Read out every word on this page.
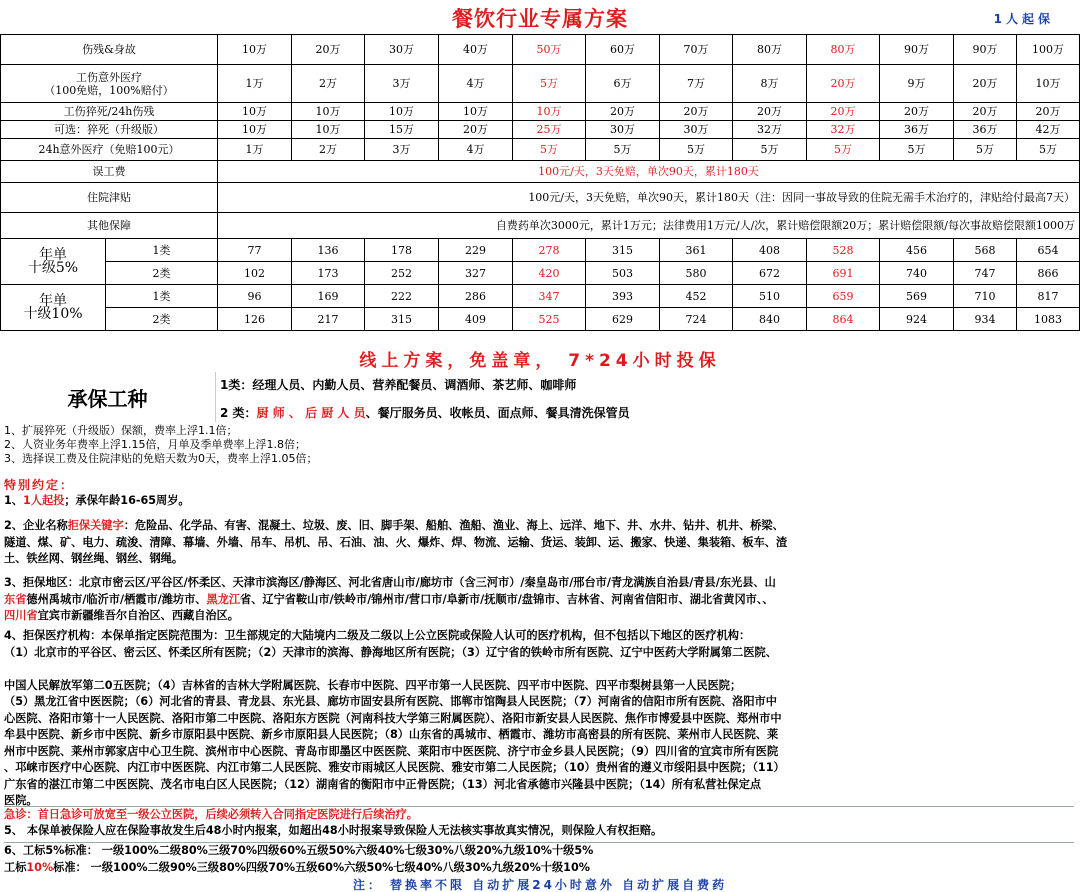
餐饮行业专属方案	1人起保
伤残&身故		10万	20万	30万	40万	50万	60万	70万	80万	80万	90万	90万	100万

工伤意外医疗
（100免赔，100%赔付）		1万	2万	3万	4万	5万	6万	7万	8万	20万	9万	20万	10万
工伤猝死/24h伤残		10万	10万	10万	10万	10万	20万	20万	20万	20万	20万	20万	20万
可选：猝死（升级版）		10万	10万	15万	20万	25万	30万	30万	32万	32万	36万	36万	42万
24h意外医疗（免赔100元）		1万	2万	3万	4万	5万	5万	5万	5万	5万	5万	5万	5万
误工费		100元/天，3天免赔，单次90天，累计180天											
住院津贴		100元/天，3天免赔，单次90天，累计180天（注：因同一事故导致的住院无需手术治疗的，津贴给付最高7天）											
其他保障		自费药单次3000元，累计1万元；法律费用1万元/人/次，累计赔偿限额20万；累计赔偿限额/每次事故赔偿限额1000万											

年单
十级5%	1类	77	136	178	229	278	315	361	408	528	456	568	654
	2类	102	173	252	327	420	503	580	672	691	740	747	866

年单
十级10%	1类	96	169	222	286	347	393	452	510	659	569	710	817
	2类	126	217	315	409	525	629	724	840	864	924	934	1083
线上方案，免盖章， 7*24小时投保
承保工种
1类：经理人员、内勤人员、营养配餐员、调酒师、茶艺师、咖啡师
2 类：厨 师 、 后 厨 人 员、餐厅服务员、收帐员、面点师、餐具清洗保管员
1、扩展猝死（升级版）保额，费率上浮1.1倍；
2、人资业务年费率上浮1.15倍，月单及季单费率上浮1.8倍；
3、选择误工费及住院津贴的免赔天数为0天，费率上浮1.05倍；
特别约定：
1、1人起投；承保年龄16-65周岁。
2、企业名称拒保关键字：危险品、化学品、有害、混凝土、垃圾、废、旧、脚手架、船舶、渔船、渔业、海上、远洋、地下、井、水井、钻井、机井、桥梁、
隧道、煤、矿、电力、疏浚、清障、幕墙、外墙、吊车、吊机、吊、石油、油、火、爆炸、焊、物流、运输、货运、装卸、运、搬家、快递、集装箱、板车、渣
土、铁丝网、钢丝绳、钢丝、钢绳。
3、拒保地区：北京市密云区/平谷区/怀柔区、天津市滨海区/静海区、河北省唐山市/廊坊市（含三河市）/秦皇岛市/邢台市/青龙满族自治县/青县/东光县、山
东省德州禹城市/临沂市/栖霞市/潍坊市、黑龙江省、辽宁省鞍山市/铁岭市/锦州市/营口市/阜新市/抚顺市/盘锦市、吉林省、河南省信阳市、湖北省黄冈市、、
四川省宜宾市新疆维吾尔自治区、西藏自治区。
4、拒保医疗机构：本保单指定医院范围为：卫生部规定的大陆境内二级及二级以上公立医院或保险人认可的医疗机构，但不包括以下地区的医疗机构：
（1）北京市的平谷区、密云区、怀柔区所有医院；（2）天津市的滨海、静海地区所有医院；（3）辽宁省的铁岭市所有医院、辽宁中医药大学附属第二医院、
中国人民解放军第二0五医院；（4）吉林省的吉林大学附属医院、长春市中医院、四平市第一人民医院、四平市中医院、四平市梨树县第一人民医院；
（5）黑龙江省中医医院；（6）河北省的青县、青龙县、东光县、廊坊市固安县所有医院、邯郸市馆陶县人民医院；（7）河南省的信阳市所有医院、洛阳市中
心医院、洛阳市第十一人民医院、洛阳市第二中医院、洛阳东方医院（河南科技大学第三附属医院）、洛阳市新安县人民医院、焦作市博爱县中医院、郑州市中
牟县中医院、新乡市中医院、新乡市原阳县中医院、新乡市原阳县人民医院；（8）山东省的禹城市、栖霞市、潍坊市高密县的所有医院、莱州市人民医院、莱
州市中医院、莱州市郭家店中心卫生院、滨州市中心医院、青岛市即墨区中医医院、莱阳市中医医院、济宁市金乡县人民医院；（9）四川省的宜宾市所有医院
、邛崃市医疗中心医院、内江市中医医院、内江市第二人民医院、雅安市雨城区人民医院、雅安市第二人民医院；（10）贵州省的遵义市绥阳县中医院；（11）
广东省的湛江市第二中医医院、茂名市电白区人民医院；（12）湖南省的衡阳市中正骨医院；（13）河北省承德市兴隆县中医院；（14）所有私营社保定点
医院。
急诊：首日急诊可放宽至一级公立医院，后续必须转入合同指定医院进行后续治疗。
5、 本保单被保险人应在保险事故发生后48小时内报案，如超出48小时报案导致保险人无法核实事故真实情况，则保险人有权拒赔。
6、工标5%标准： 一级100%二级80%三级70%四级60%五级50%六级40%七级30%八级20%九级10%十级5%
工标10%标准： 一级100%二级90%三级80%四级70%五级60%六级50%七级40%八级30%九级20%十级10%
注： 替换率不限 自动扩展24小时意外 自动扩展自费药
